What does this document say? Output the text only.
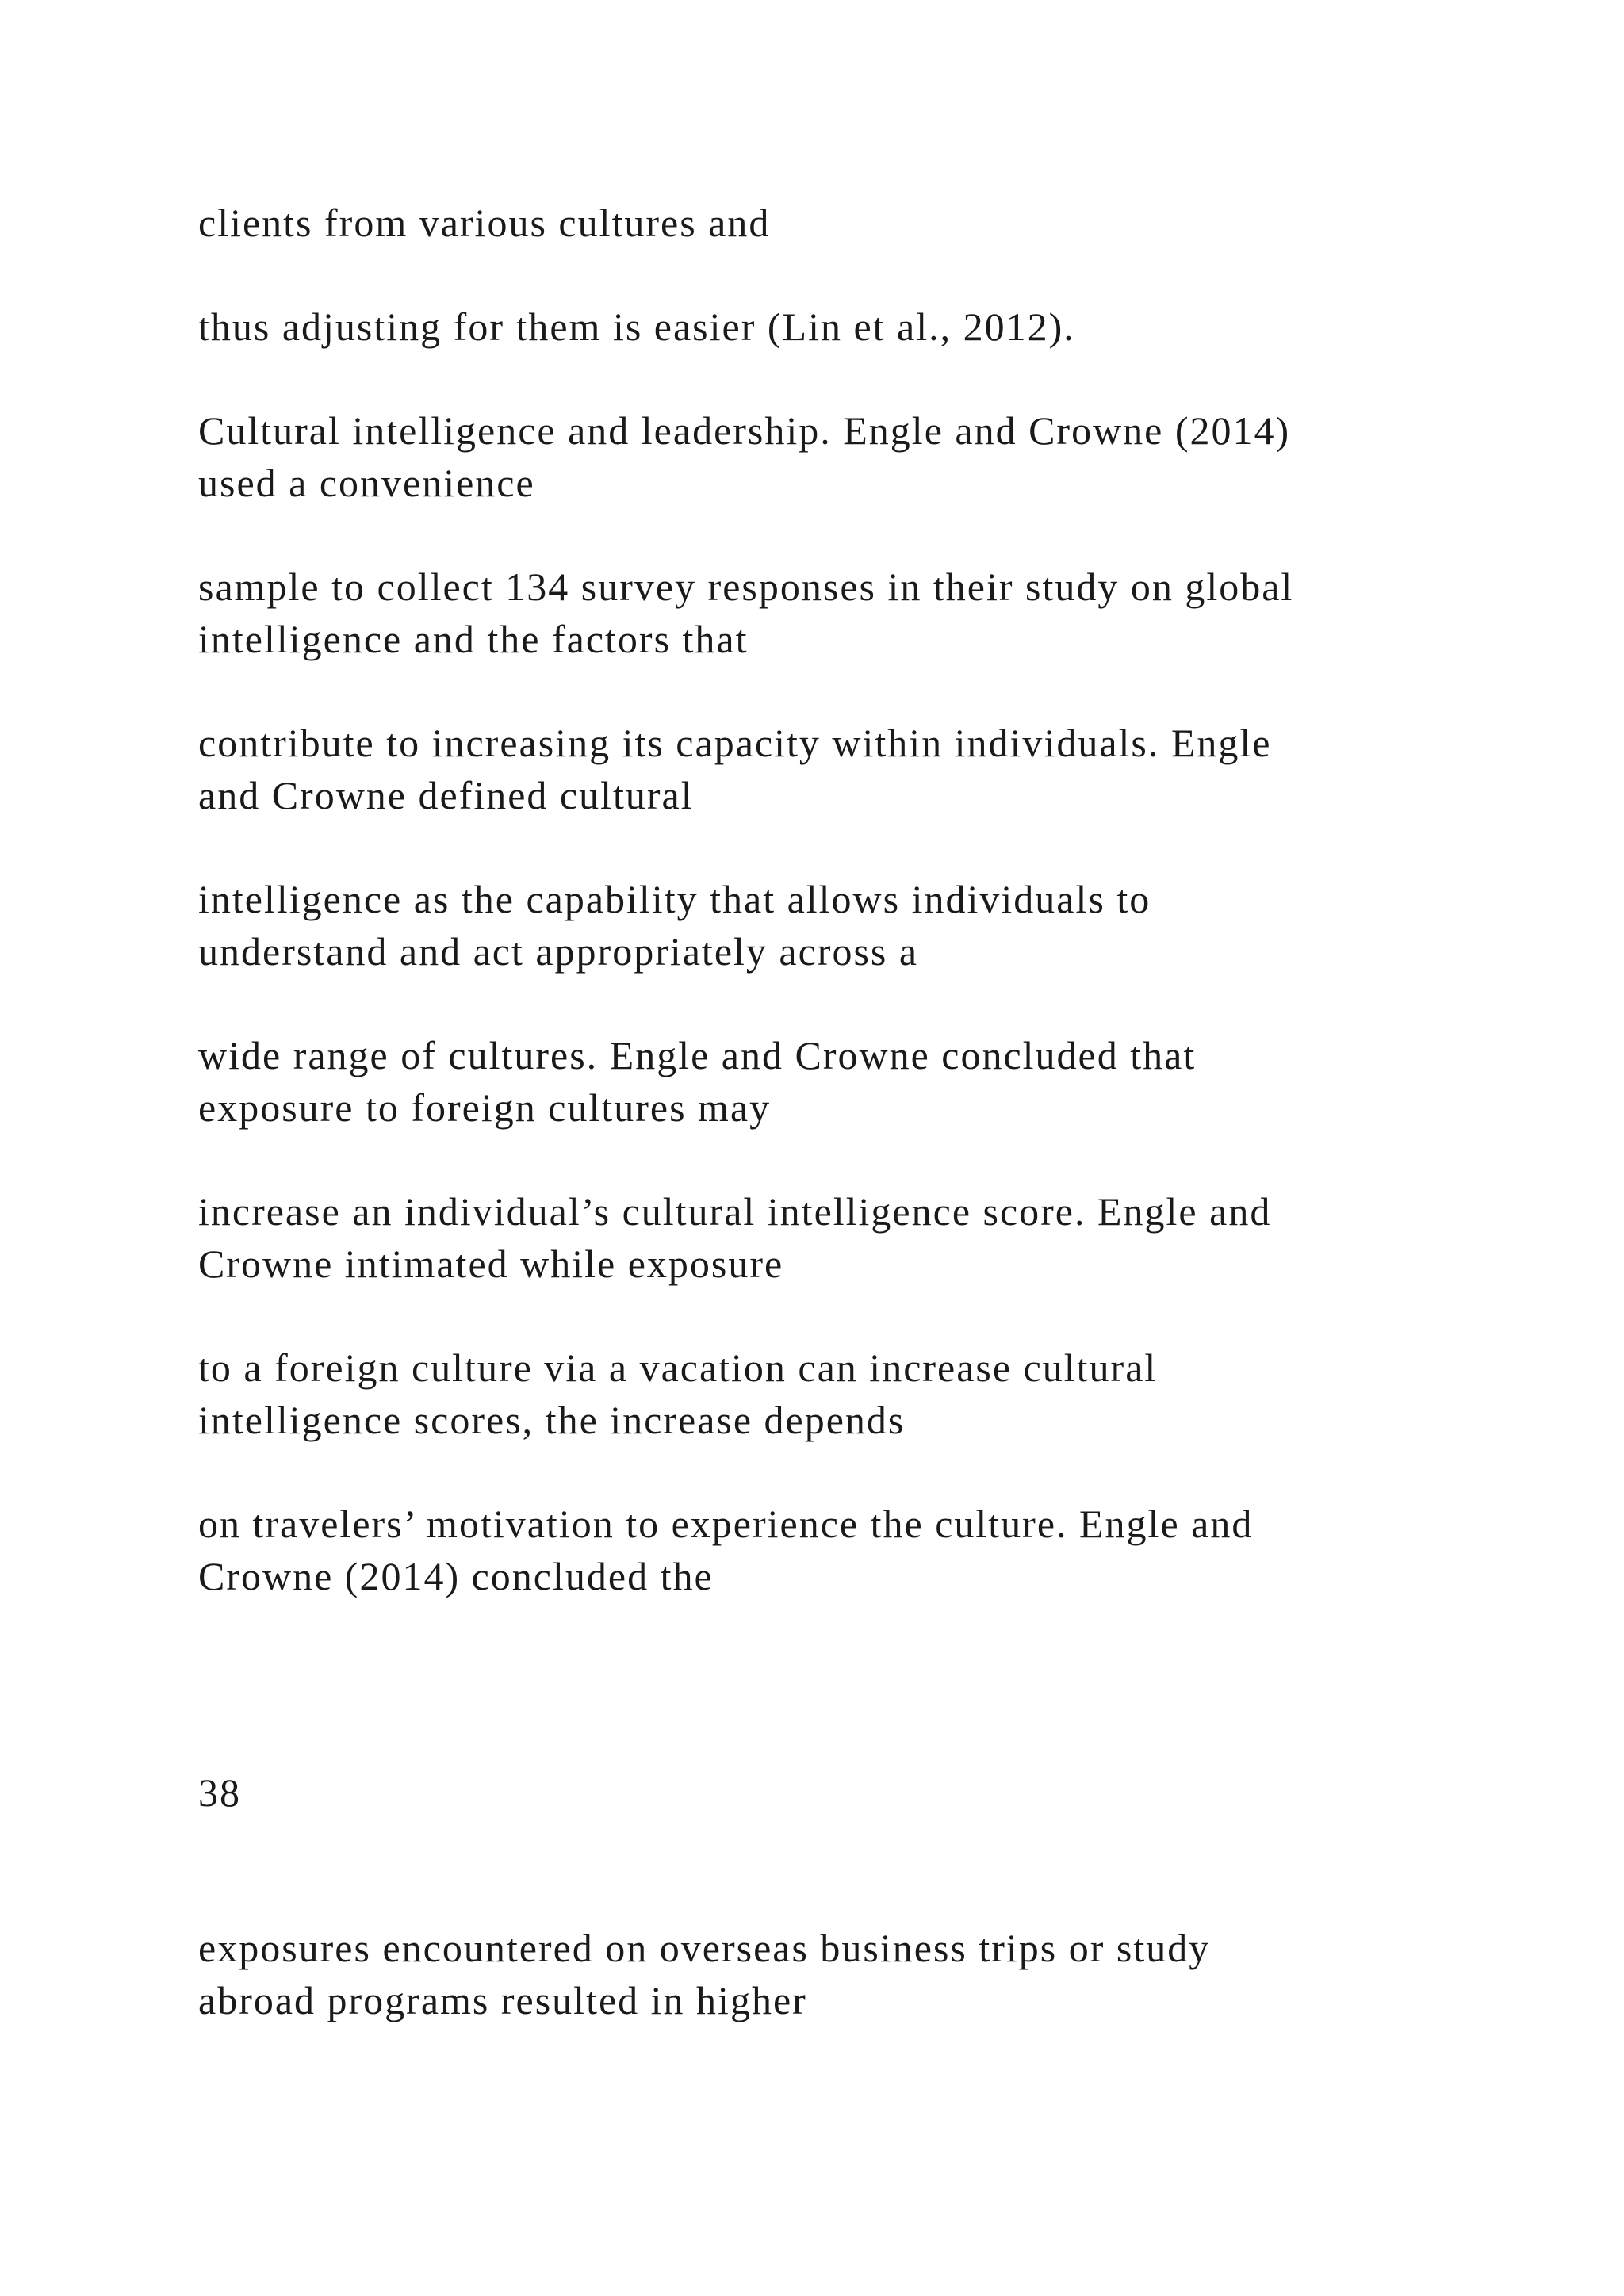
clients from various cultures and

thus adjusting for them is easier (Lin et al., 2012).

Cultural intelligence and leadership. Engle and Crowne (2014)
used a convenience

sample to collect 134 survey responses in their study on global
intelligence and the factors that

contribute to increasing its capacity within individuals. Engle
and Crowne defined cultural

intelligence as the capability that allows individuals to
understand and act appropriately across a

wide range of cultures. Engle and Crowne concluded that
exposure to foreign cultures may

increase an individual’s cultural intelligence score. Engle and
Crowne intimated while exposure

to a foreign culture via a vacation can increase cultural
intelligence scores, the increase depends

on travelers’ motivation to experience the culture. Engle and
Crowne (2014) concluded the

38

exposures encountered on overseas business trips or study
abroad programs resulted in higher
